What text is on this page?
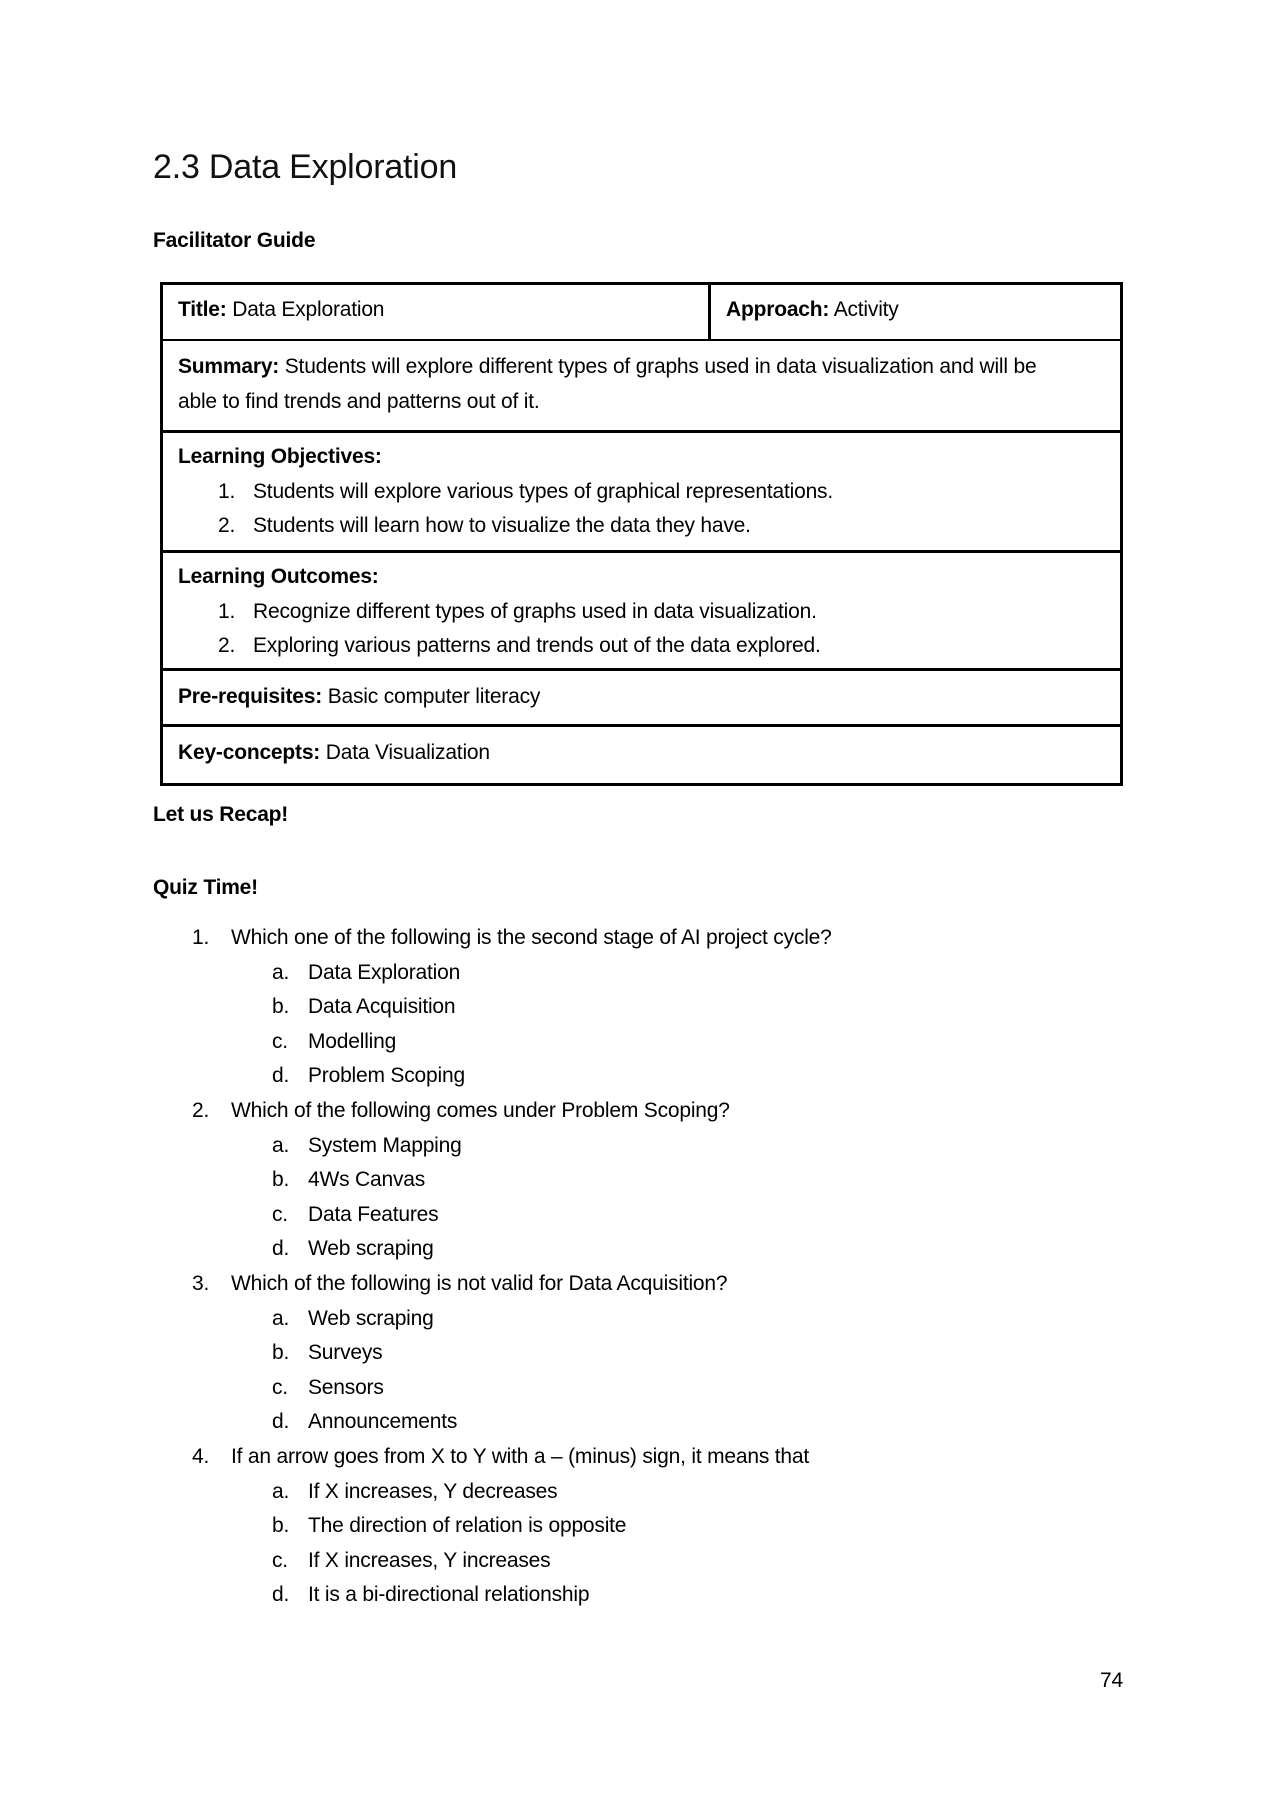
2.3 Data Exploration
Facilitator Guide
Title: Data Exploration	Approach: Activity
Summary: Students will explore different types of graphs used in data visualization and will be able to find trends and patterns out of it.
Learning Objectives:
1. Students will explore various types of graphical representations.
2. Students will learn how to visualize the data they have.
Learning Outcomes:
1. Recognize different types of graphs used in data visualization.
2. Exploring various patterns and trends out of the data explored.
Pre-requisites: Basic computer literacy
Key-concepts: Data Visualization
Let us Recap!
Quiz Time!
1. Which one of the following is the second stage of AI project cycle?
a. Data Exploration
b. Data Acquisition
c. Modelling
d. Problem Scoping
2. Which of the following comes under Problem Scoping?
a. System Mapping
b. 4Ws Canvas
c. Data Features
d. Web scraping
3. Which of the following is not valid for Data Acquisition?
a. Web scraping
b. Surveys
c. Sensors
d. Announcements
4. If an arrow goes from X to Y with a – (minus) sign, it means that
a. If X increases, Y decreases
b. The direction of relation is opposite
c. If X increases, Y increases
d. It is a bi-directional relationship
74
